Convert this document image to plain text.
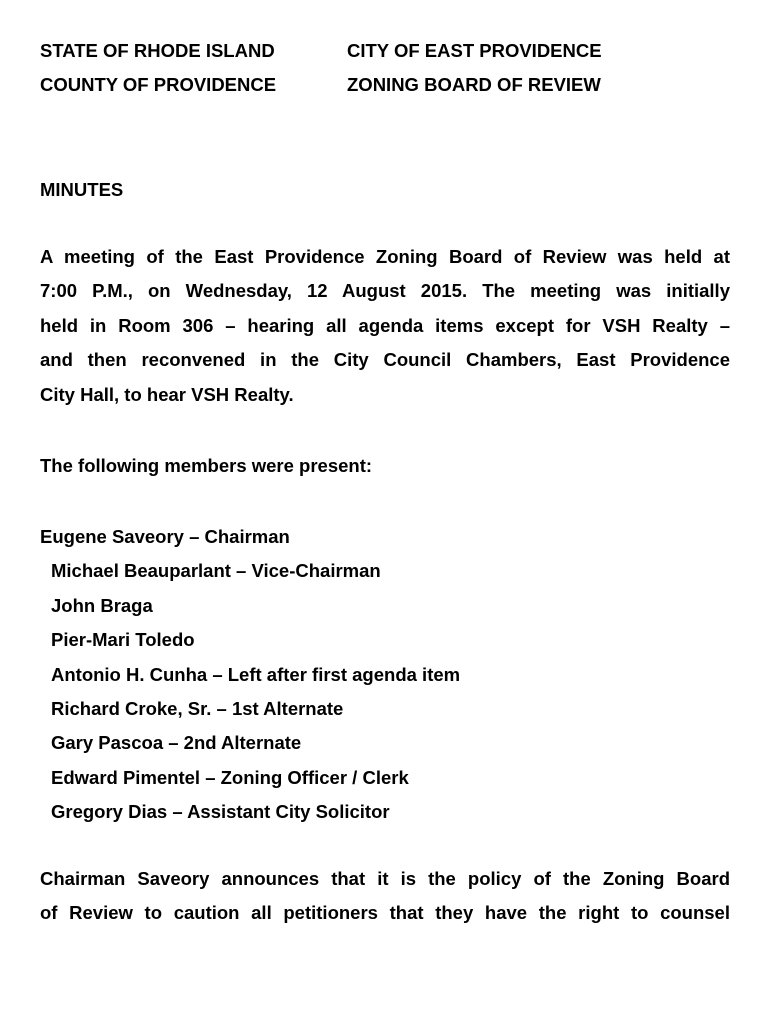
STATE OF RHODE ISLAND	CITY OF EAST PROVIDENCE
COUNTY OF PROVIDENCE	ZONING BOARD OF REVIEW
MINUTES
A meeting of the East Providence Zoning Board of Review was held at
7:00 P.M., on Wednesday, 12 August 2015. The meeting was initially
held in Room 306 – hearing all agenda items except for VSH Realty –
and then reconvened in the City Council Chambers, East Providence
City Hall, to hear VSH Realty.
The following members were present:
Eugene Saveory – Chairman
Michael Beauparlant – Vice-Chairman
John Braga
Pier-Mari Toledo
Antonio H. Cunha – Left after first agenda item
Richard Croke, Sr. – 1st Alternate
Gary Pascoa – 2nd Alternate
Edward Pimentel – Zoning Officer / Clerk
Gregory Dias – Assistant City Solicitor
Chairman Saveory announces that it is the policy of the Zoning Board
of Review to caution all petitioners that they have the right to counsel
